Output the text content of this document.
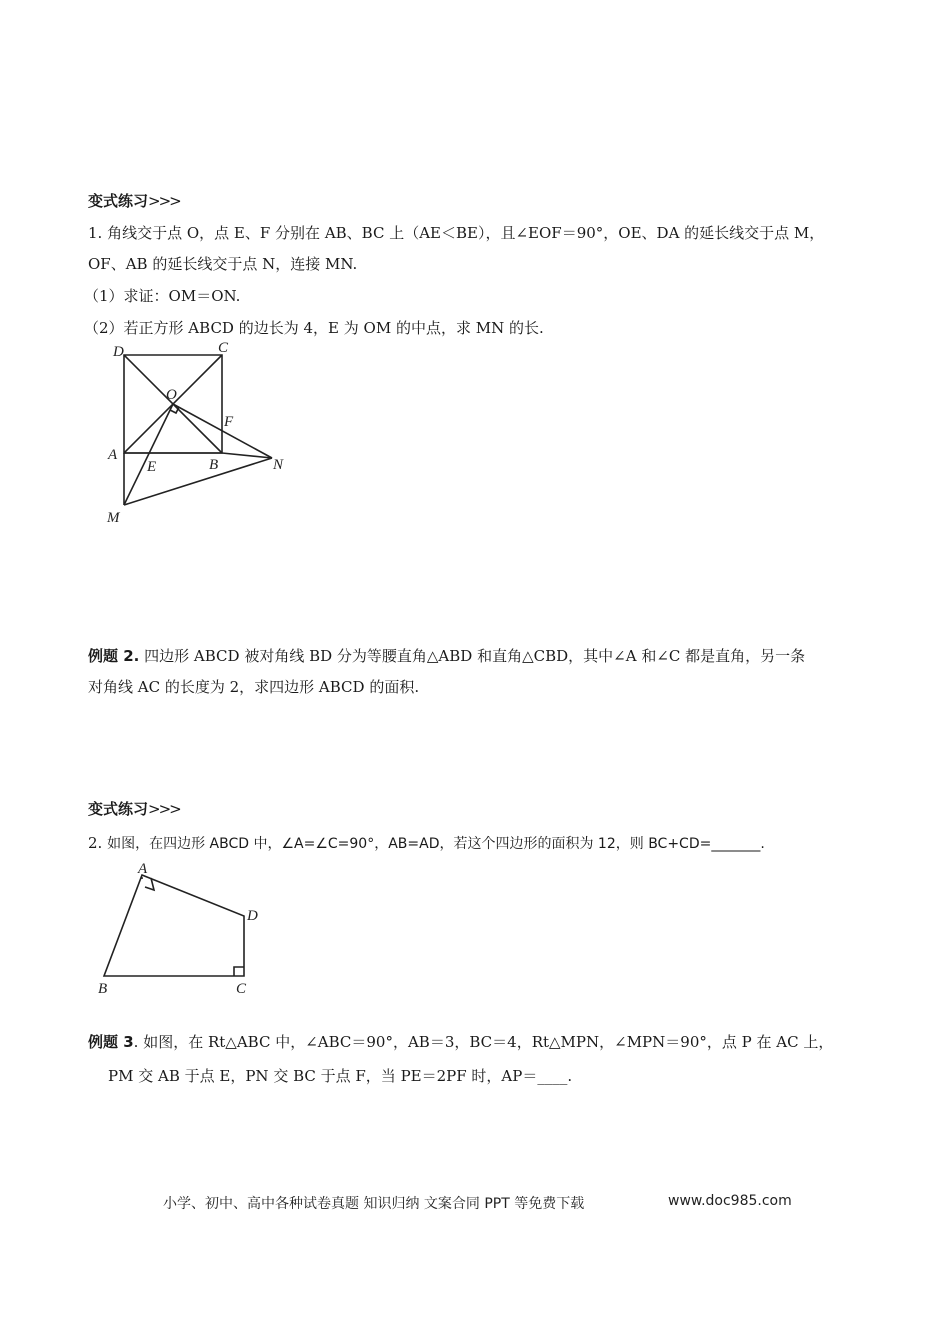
变式练习>>>
1. 角线交于点 O，点 E、F 分别在 AB、BC 上（AE＜BE），且∠EOF＝90°，OE、DA 的延长线交于点 M，
OF、AB 的延长线交于点 N，连接 MN.
（1）求证：OM＝ON.
（2）若正方形 ABCD 的边长为 4，E 为 OM 的中点，求 MN 的长.
D	C
O
F
A
E	B	N
M
例题 2. 四边形 ABCD 被对角线 BD 分为等腰直角△ABD 和直角△CBD，其中∠A 和∠C 都是直角，另一条
对角线 AC 的长度为 2，求四边形 ABCD 的面积.
变式练习>>>
2. 如图，在四边形 ABCD 中，∠A=∠C=90°，AB=AD，若这个四边形的面积为 12，则 BC+CD=_______.
A
D
B	C
例题 3. 如图，在 Rt△ABC 中，∠ABC＝90°，AB＝3，BC＝4，Rt△MPN，∠MPN＝90°，点 P 在 AC 上，
PM 交 AB 于点 E，PN 交 BC 于点 F，当 PE＝2PF 时，AP＝____.
小学、初中、高中各种试卷真题 知识归纳 文案合同 PPT 等免费下载	www.doc985.com
